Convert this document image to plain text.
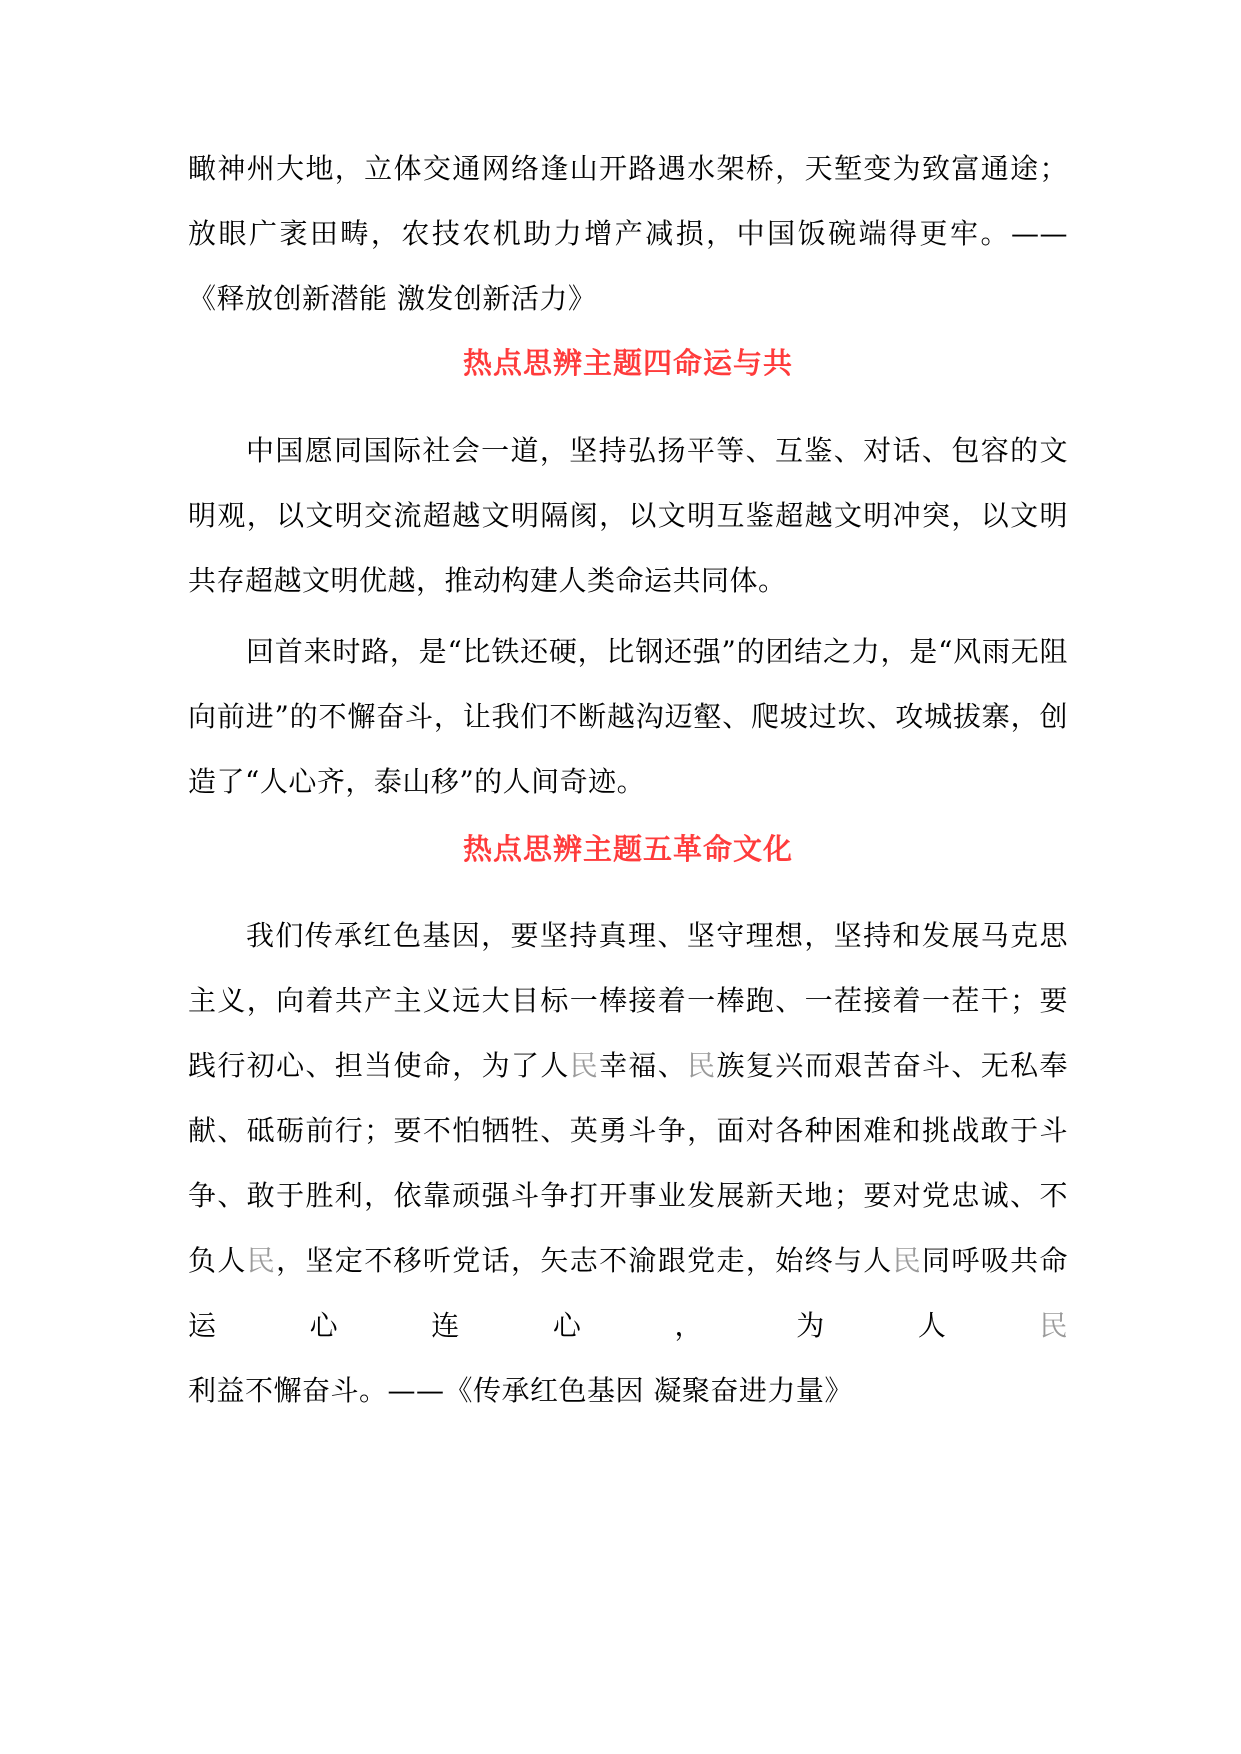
瞰神州大地，立体交通网络逢山开路遇水架桥，天堑变为致富通途；放眼广袤田畴，农技农机助力增产减损，中国饭碗端得更牢。——《释放创新潜能 激发创新活力》

热点思辨主题四命运与共

中国愿同国际社会一道，坚持弘扬平等、互鉴、对话、包容的文明观，以文明交流超越文明隔阂，以文明互鉴超越文明冲突，以文明共存超越文明优越，推动构建人类命运共同体。

回首来时路，是“比铁还硬，比钢还强”的团结之力，是“风雨无阻向前进”的不懈奋斗，让我们不断越沟迈壑、爬坡过坎、攻城拔寨，创造了“人心齐，泰山移”的人间奇迹。

热点思辨主题五革命文化

我们传承红色基因，要坚持真理、坚守理想，坚持和发展马克思主义，向着共产主义远大目标一棒接着一棒跑、一茬接着一茬干；要践行初心、担当使命，为了人民幸福、民族复兴而艰苦奋斗、无私奉献、砥砺前行；要不怕牺牲、英勇斗争，面对各种困难和挑战敢于斗争、敢于胜利，依靠顽强斗争打开事业发展新天地；要对党忠诚、不负人民，坚定不移听党话，矢志不渝跟党走，始终与人民同呼吸共命运心连心，为人民利益不懈奋斗。——《传承红色基因 凝聚奋进力量》
